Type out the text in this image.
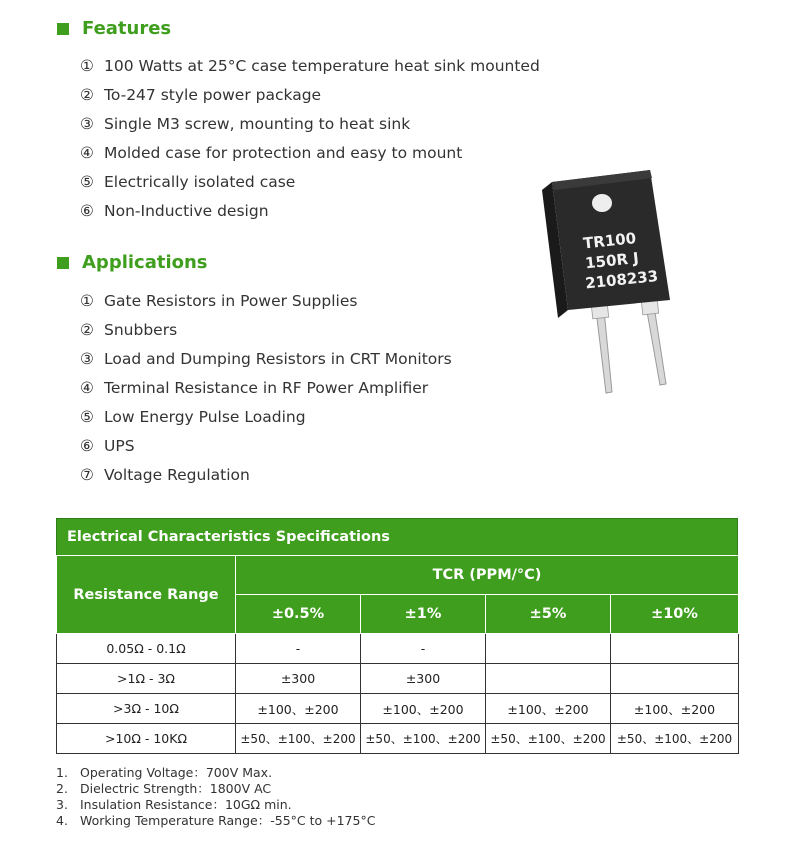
Features
① 100 Watts at 25°C case temperature heat sink mounted
② To-247 style power package
③ Single M3 screw, mounting to heat sink
④ Molded case for protection and easy to mount
⑤ Electrically isolated case
⑥ Non-Inductive design
Applications
① Gate Resistors in Power Supplies
② Snubbers
③ Load and Dumping Resistors in CRT Monitors
④ Terminal Resistance in RF Power Amplifier
⑤ Low Energy Pulse Loading
⑥ UPS
⑦ Voltage Regulation
TR100
150R J
2108233
Electrical Characteristics Specifications
Resistance Range	TCR (PPM/°C)			
	±0.5%	±1%	±5%	±10%
0.05Ω - 0.1Ω	-	-		
>1Ω - 3Ω	±300	±300		
>3Ω - 10Ω	±100、±200	±100、±200	±100、±200	±100、±200
>10Ω - 10KΩ	±50、±100、±200	±50、±100、±200	±50、±100、±200	±50、±100、±200
1. Operating Voltage：700V Max.
2. Dielectric Strength：1800V AC
3. Insulation Resistance：10GΩ min.
4. Working Temperature Range：-55°C to +175°C
